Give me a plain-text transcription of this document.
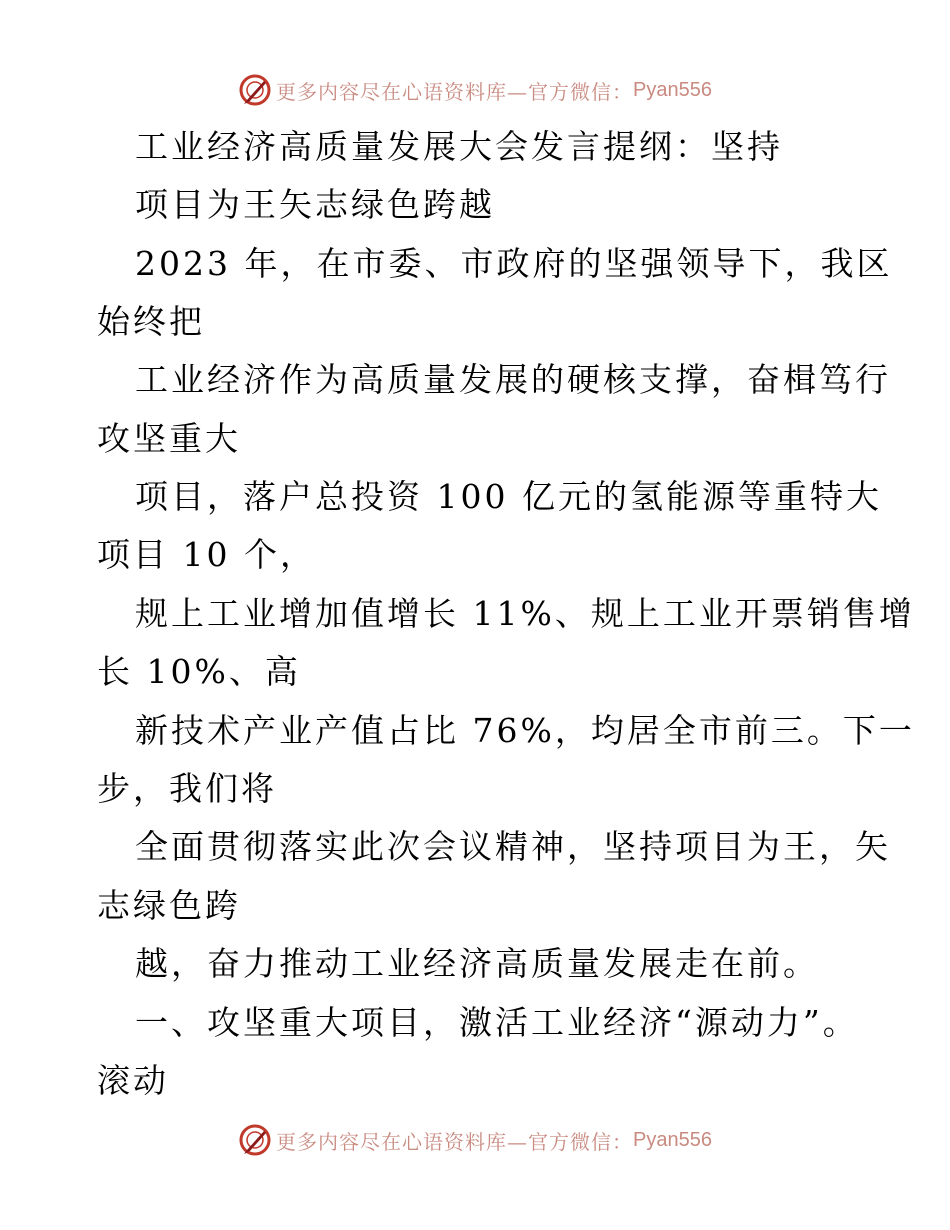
更多内容尽在心语资料库—官方微信： Pyan556
工业经济高质量发展大会发言提纲：坚持
项目为王矢志绿色跨越
2023 年，在市委、市政府的坚强领导下，我区
始终把
工业经济作为高质量发展的硬核支撑，奋楫笃行
攻坚重大
项目，落户总投资 100 亿元的氢能源等重特大
项目 10 个，
规上工业增加值增长 11%、规上工业开票销售增
长 10%、高
新技术产业产值占比 76%，均居全市前三。下一
步，我们将
全面贯彻落实此次会议精神，坚持项目为王，矢
志绿色跨
越，奋力推动工业经济高质量发展走在前。
一、攻坚重大项目，激活工业经济“源动力”。
滚动
更多内容尽在心语资料库—官方微信： Pyan556
